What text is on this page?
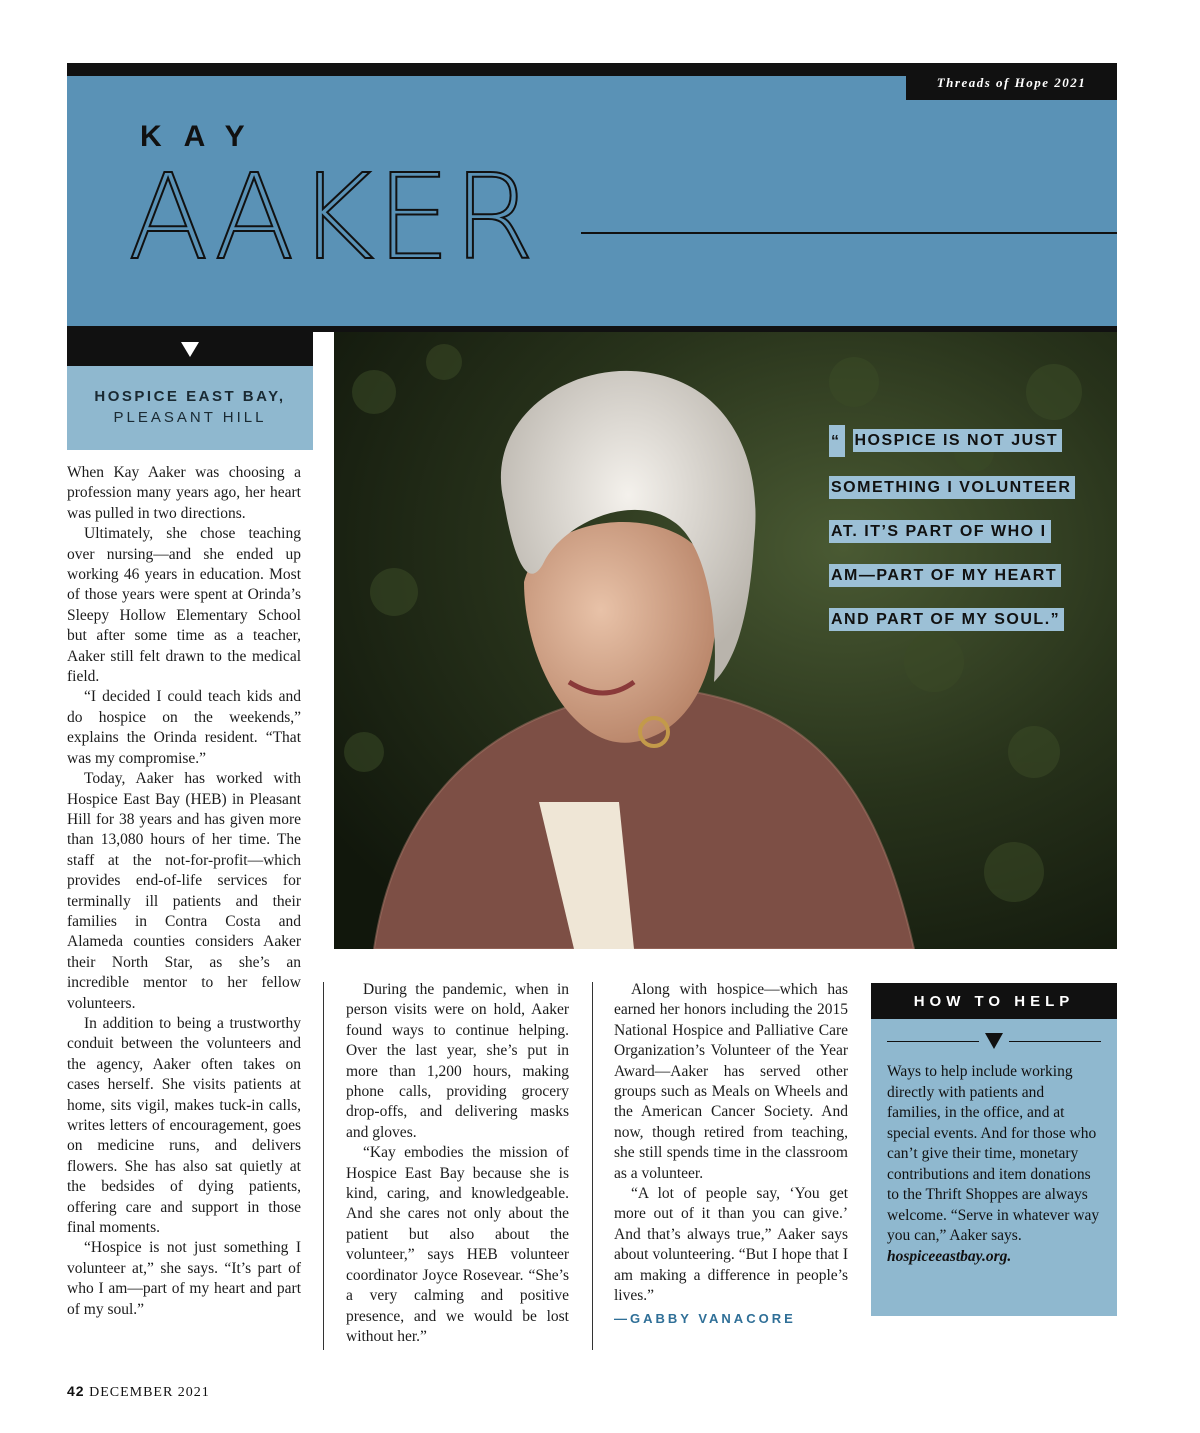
Threads of Hope 2021
KAY
AAKER
HOSPICE EAST BAY,
PLEASANT HILL
“ HOSPICE IS NOT JUST
SOMETHING I VOLUNTEER
AT. IT’S PART OF WHO I
AM—PART OF MY HEART
AND PART OF MY SOUL.”

When Kay Aaker was choosing a profession many years ago, her heart was pulled in two directions.

Ultimately, she chose teaching over nursing—and she ended up working 46 years in education. Most of those years were spent at Orinda’s Sleepy Hollow Elementary School but after some time as a teacher, Aaker still felt drawn to the medical field.

“I decided I could teach kids and do hospice on the weekends,” explains the Orinda resident. “That was my compromise.”

Today, Aaker has worked with Hospice East Bay (HEB) in Pleasant Hill for 38 years and has given more than 13,080 hours of her time. The staff at the not-for-profit—which provides end-of-life services for terminally ill patients and their families in Contra Costa and Alameda counties considers Aaker their North Star, as she’s an incredible mentor to her fellow volunteers.

In addition to being a trustworthy conduit between the volunteers and the agency, Aaker often takes on cases herself. She visits patients at home, sits vigil, makes tuck-in calls, writes letters of encouragement, goes on medicine runs, and delivers flowers. She has also sat quietly at the bedsides of dying patients, offering care and support in those final moments.

“Hospice is not just something I volunteer at,” she says. “It’s part of who I am—part of my heart and part of my soul.”

During the pandemic, when in person visits were on hold, Aaker found ways to continue helping. Over the last year, she’s put in more than 1,200 hours, making phone calls, providing grocery drop-offs, and delivering masks and gloves.

“Kay embodies the mission of Hospice East Bay because she is kind, caring, and knowledgeable. And she cares not only about the patient but also about the volunteer,” says HEB volunteer coordinator Joyce Rosevear. “She’s a very calming and positive presence, and we would be lost without her.”

Along with hospice—which has earned her honors including the 2015 National Hospice and Palliative Care Organization’s Volunteer of the Year Award—Aaker has served other groups such as Meals on Wheels and the American Cancer Society. And now, though retired from teaching, she still spends time in the classroom as a volunteer.

“A lot of people say, ‘You get more out of it than you can give.’ And that’s always true,” Aaker says about volunteering. “But I hope that I am making a difference in people’s lives.”

—GABBY VANACORE

HOW TO HELP
Ways to help include working directly with patients and families, in the office, and at special events. And for those who can’t give their time, monetary contributions and item donations to the Thrift Shoppes are always welcome. “Serve in whatever way you can,” Aaker says. hospiceeastbay.org.
42 DECEMBER 2021
